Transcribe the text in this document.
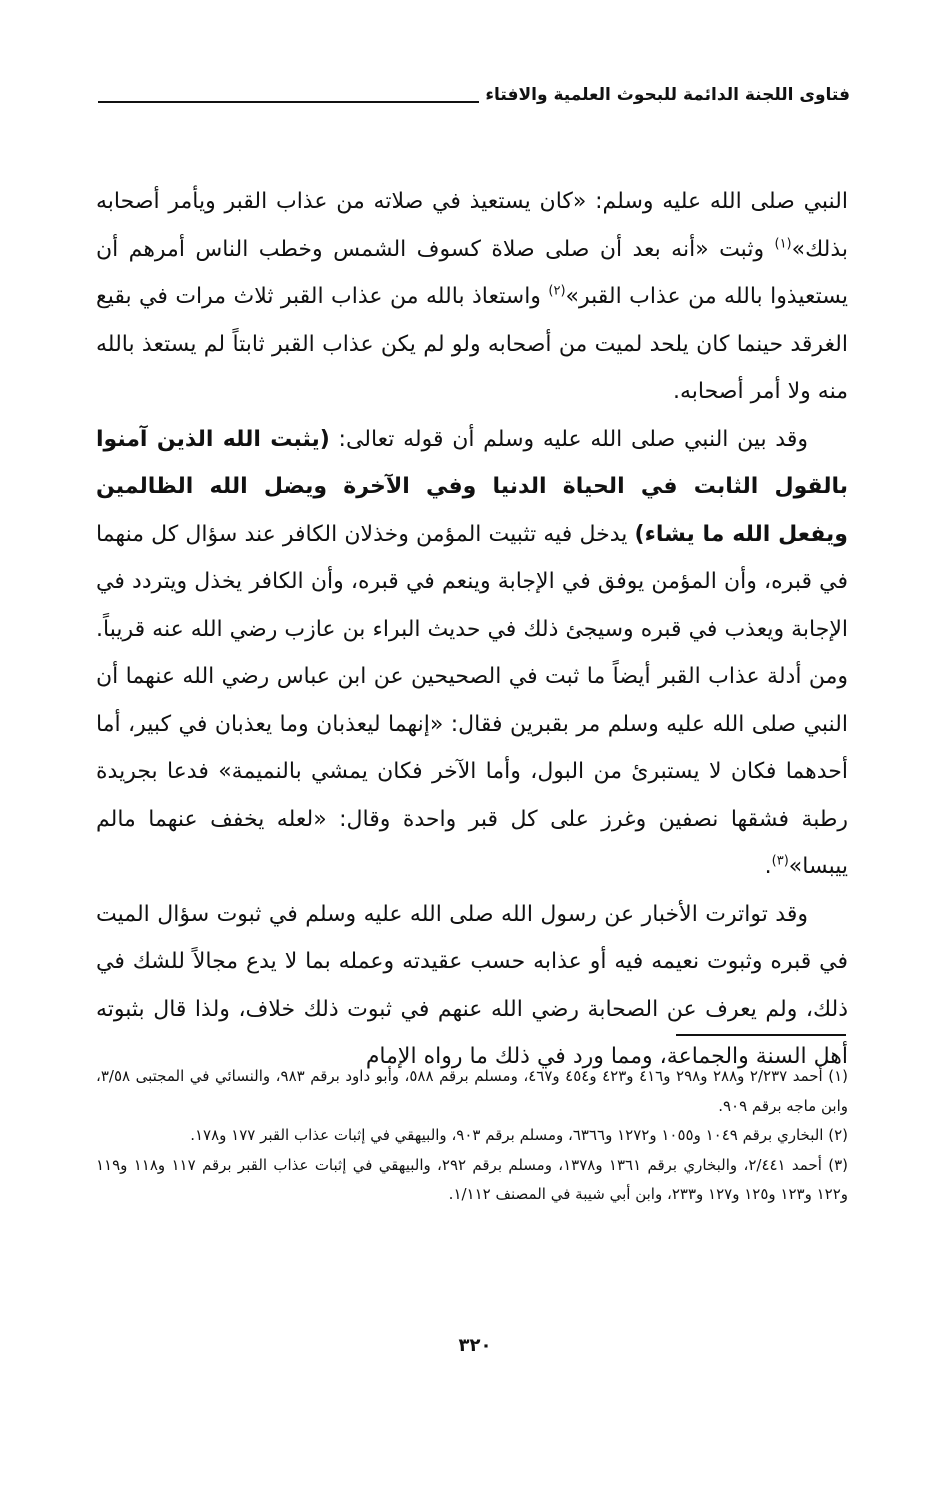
فتاوى اللجنة الدائمة للبحوث العلمية والافتاء

النبي صلى الله عليه وسلم: «كان يستعيذ في صلاته من عذاب القبر ويأمر أصحابه بذلك»$^{(١)}$ وثبت «أنه بعد أن صلى صلاة كسوف الشمس وخطب الناس أمرهم أن يستعيذوا بالله من عذاب القبر»$^{(٢)}$ واستعاذ بالله من عذاب القبر ثلاث مرات في بقيع الغرقد حينما كان يلحد لميت من أصحابه ولو لم يكن عذاب القبر ثابتاً لم يستعذ بالله منه ولا أمر أصحابه.

وقد بين النبي صلى الله عليه وسلم أن قوله تعالى: (يثبت الله الذين آمنوا بالقول الثابت في الحياة الدنيا وفي الآخرة ويضل الله الظالمين ويفعل الله ما يشاء) يدخل فيه تثبيت المؤمن وخذلان الكافر عند سؤال كل منهما في قبره، وأن المؤمن يوفق في الإجابة وينعم في قبره، وأن الكافر يخذل ويتردد في الإجابة ويعذب في قبره وسيجئ ذلك في حديث البراء بن عازب رضي الله عنه قريباً. ومن أدلة عذاب القبر أيضاً ما ثبت في الصحيحين عن ابن عباس رضي الله عنهما أن النبي صلى الله عليه وسلم مر بقبرين فقال: «إنهما ليعذبان وما يعذبان في كبير، أما أحدهما فكان لا يستبرئ من البول، وأما الآخر فكان يمشي بالنميمة» فدعا بجريدة رطبة فشقها نصفين وغرز على كل قبر واحدة وقال: «لعله يخفف عنهما مالم ييبسا»$^{(٣)}$.

وقد تواترت الأخبار عن رسول الله صلى الله عليه وسلم في ثبوت سؤال الميت في قبره وثبوت نعيمه فيه أو عذابه حسب عقيدته وعمله بما لا يدع مجالاً للشك في ذلك، ولم يعرف عن الصحابة رضي الله عنهم في ثبوت ذلك خلاف، ولذا قال بثبوته أهل السنة والجماعة، ومما ورد في ذلك ما رواه الإمام

(١) أحمد ٢/٢٣٧ و٢٨٨ و٢٩٨ و٤١٦ و٤٢٣ و٤٥٤ و٤٦٧، ومسلم برقم ٥٨٨، وأبو داود برقم ٩٨٣، والنسائي في المجتبى ٣/٥٨، وابن ماجه برقم ٩٠٩.

(٢) البخاري برقم ١٠٤٩ و١٠٥٥ و١٢٧٢ و٦٣٦٦، ومسلم برقم ٩٠٣، والبيهقي في إثبات عذاب القبر ١٧٧ و١٧٨.

(٣) أحمد ٢/٤٤١، والبخاري برقم ١٣٦١ و١٣٧٨، ومسلم برقم ٢٩٢، والبيهقي في إثبات عذاب القبر برقم ١١٧ و١١٨ و١١٩ و١٢٢ و١٢٣ و١٢٥ و١٢٧ و٢٣٣، وابن أبي شيبة في المصنف ١/١١٢.

٣٢٠
